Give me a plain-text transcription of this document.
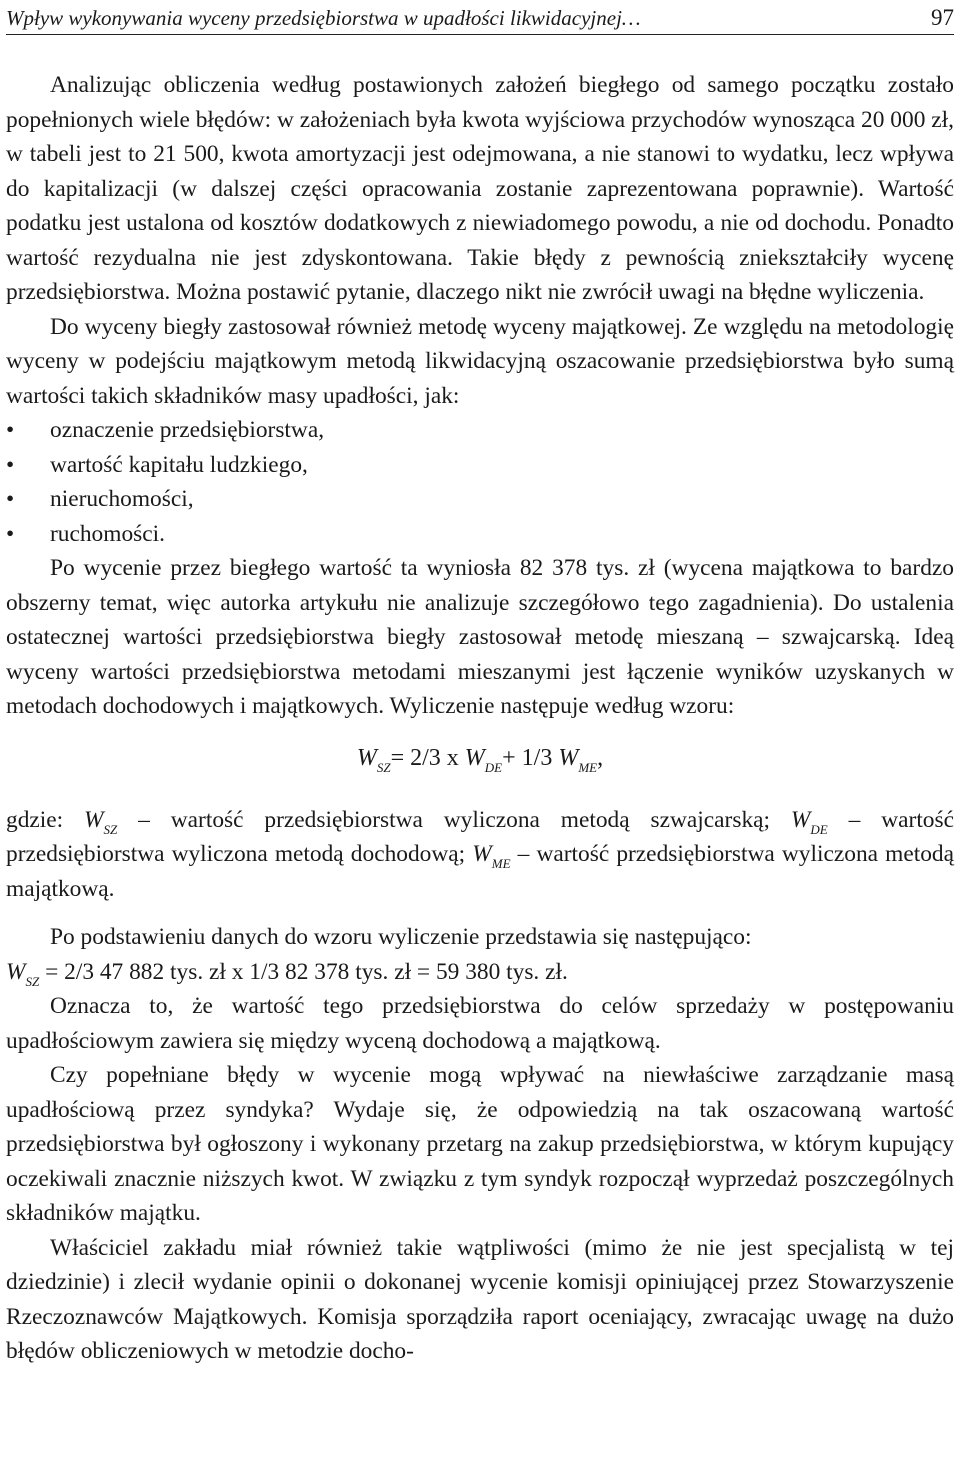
Wpływ wykonywania wyceny przedsiębiorstwa w upadłości likwidacyjnej…	97

Analizując obliczenia według postawionych założeń biegłego od samego początku zostało popełnionych wiele błędów: w założeniach była kwota wyjściowa przychodów wynosząca 20 000 zł, w tabeli jest to 21 500, kwota amortyzacji jest odejmowana, a nie stanowi to wydatku, lecz wpływa do kapitalizacji (w dalszej części opracowania zostanie zaprezentowana poprawnie). Wartość podatku jest ustalona od kosztów dodatkowych z niewiadomego powodu, a nie od dochodu. Ponadto wartość rezydualna nie jest zdyskontowana. Takie błędy z pewnością zniekształciły wycenę przedsiębiorstwa. Można postawić pytanie, dlaczego nikt nie zwrócił uwagi na błędne wyliczenia.

Do wyceny biegły zastosował również metodę wyceny majątkowej. Ze względu na metodologię wyceny w podejściu majątkowym metodą likwidacyjną oszacowanie przedsiębiorstwa było sumą wartości takich składników masy upadłości, jak:

•	oznaczenie przedsiębiorstwa,
•	wartość kapitału ludzkiego,
•	nieruchomości,
•	ruchomości.

Po wycenie przez biegłego wartość ta wyniosła 82 378 tys. zł (wycena majątkowa to bardzo obszerny temat, więc autorka artykułu nie analizuje szczegółowo tego zagadnienia). Do ustalenia ostatecznej wartości przedsiębiorstwa biegły zastosował metodę mieszaną – szwajcarską. Ideą wyceny wartości przedsiębiorstwa metodami mieszanymi jest łączenie wyników uzyskanych w metodach dochodowych i majątkowych. Wyliczenie następuje według wzoru:

$W_{SZ}= 2/3$ x $W_{DE}+ 1/3$ $W_{ME}$,

gdzie: $W_{SZ}$ – wartość przedsiębiorstwa wyliczona metodą szwajcarską; $W_{DE}$ – wartość przedsiębiorstwa wyliczona metodą dochodową; $W_{ME}$ – wartość przedsiębiorstwa wyliczona metodą majątkową.

Po podstawieniu danych do wzoru wyliczenie przedstawia się następująco:

$W_{SZ} = 2/3$ 47 882 tys. zł x 1/3 82 378 tys. zł = 59 380 tys. zł.

Oznacza to, że wartość tego przedsiębiorstwa do celów sprzedaży w postępowaniu upadłościowym zawiera się między wyceną dochodową a majątkową.

Czy popełniane błędy w wycenie mogą wpływać na niewłaściwe zarządzanie masą upadłościową przez syndyka? Wydaje się, że odpowiedzią na tak oszacowaną wartość przedsiębiorstwa był ogłoszony i wykonany przetarg na zakup przedsiębiorstwa, w którym kupujący oczekiwali znacznie niższych kwot. W związku z tym syndyk rozpoczął wyprzedaż poszczególnych składników majątku.

Właściciel zakładu miał również takie wątpliwości (mimo że nie jest specjalistą w tej dziedzinie) i zlecił wydanie opinii o dokonanej wycenie komisji opiniującej przez Stowarzyszenie Rzeczoznawców Majątkowych. Komisja sporządziła raport oceniający, zwracając uwagę na dużo błędów obliczeniowych w metodzie docho-
